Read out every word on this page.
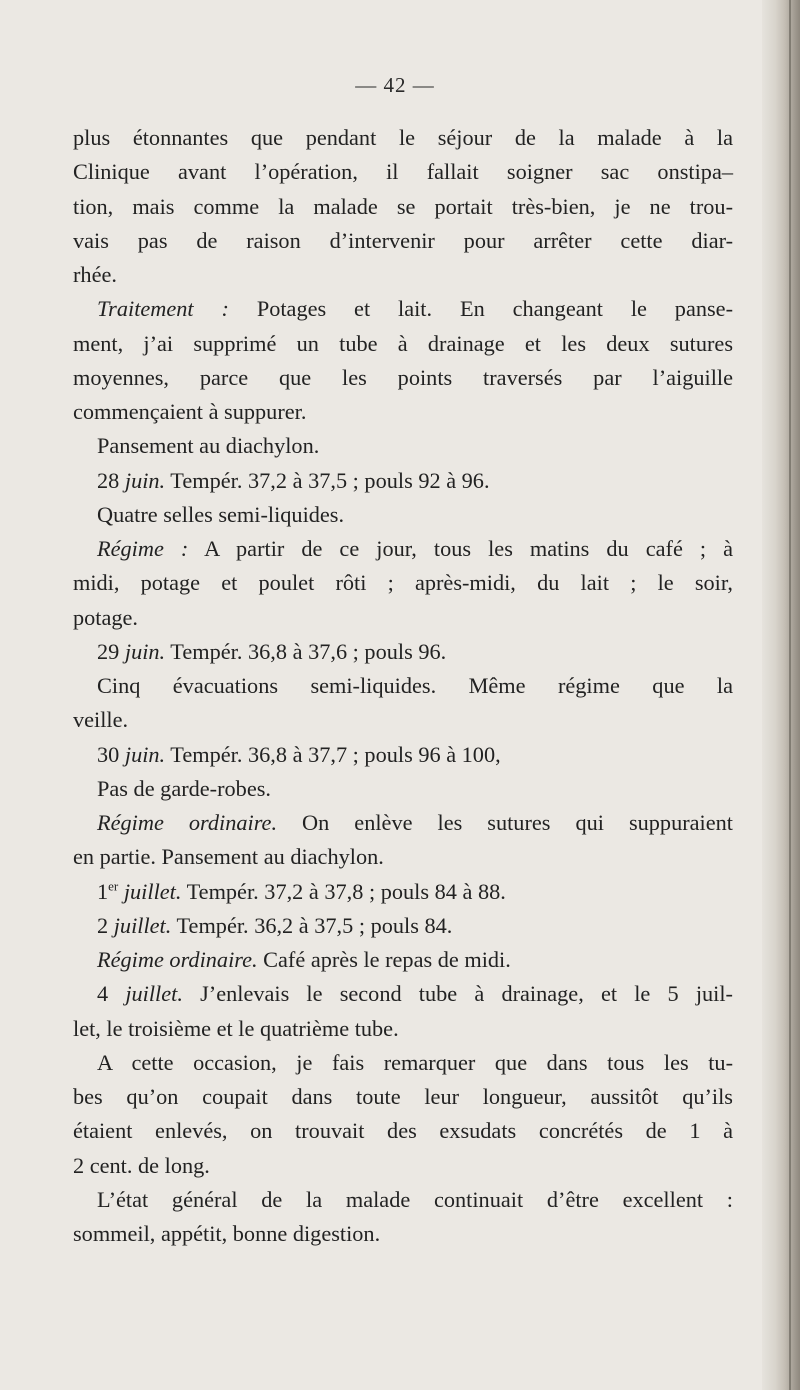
— 42 —
plus étonnantes que pendant le séjour de la malade à la
Clinique avant l’opération, il fallait soigner sac onstipa–
tion, mais comme la malade se portait très-bien, je ne trou-
vais pas de raison d’intervenir pour arrêter cette diar-
rhée.
Traitement : Potages et lait. En changeant le panse-
ment, j’ai supprimé un tube à drainage et les deux sutures
moyennes, parce que les points traversés par l’aiguille
commençaient à suppurer.
Pansement au diachylon.
28 juin. Tempér. 37,2 à 37,5 ; pouls 92 à 96.
Quatre selles semi-liquides.
Régime : A partir de ce jour, tous les matins du café ; à
midi, potage et poulet rôti ; après-midi, du lait ; le soir,
potage.
29 juin. Tempér. 36,8 à 37,6 ; pouls 96.
Cinq évacuations semi-liquides. Même régime que la
veille.
30 juin. Tempér. 36,8 à 37,7 ; pouls 96 à 100,
Pas de garde-robes.
Régime ordinaire. On enlève les sutures qui suppuraient
en partie. Pansement au diachylon.
1er juillet. Tempér. 37,2 à 37,8 ; pouls 84 à 88.
2 juillet. Tempér. 36,2 à 37,5 ; pouls 84.
Régime ordinaire. Café après le repas de midi.
4 juillet. J’enlevais le second tube à drainage, et le 5 juil-
let, le troisième et le quatrième tube.
A cette occasion, je fais remarquer que dans tous les tu-
bes qu’on coupait dans toute leur longueur, aussitôt qu’ils
étaient enlevés, on trouvait des exsudats concrétés de 1 à
2 cent. de long.
L’état général de la malade continuait d’être excellent :
sommeil, appétit, bonne digestion.
